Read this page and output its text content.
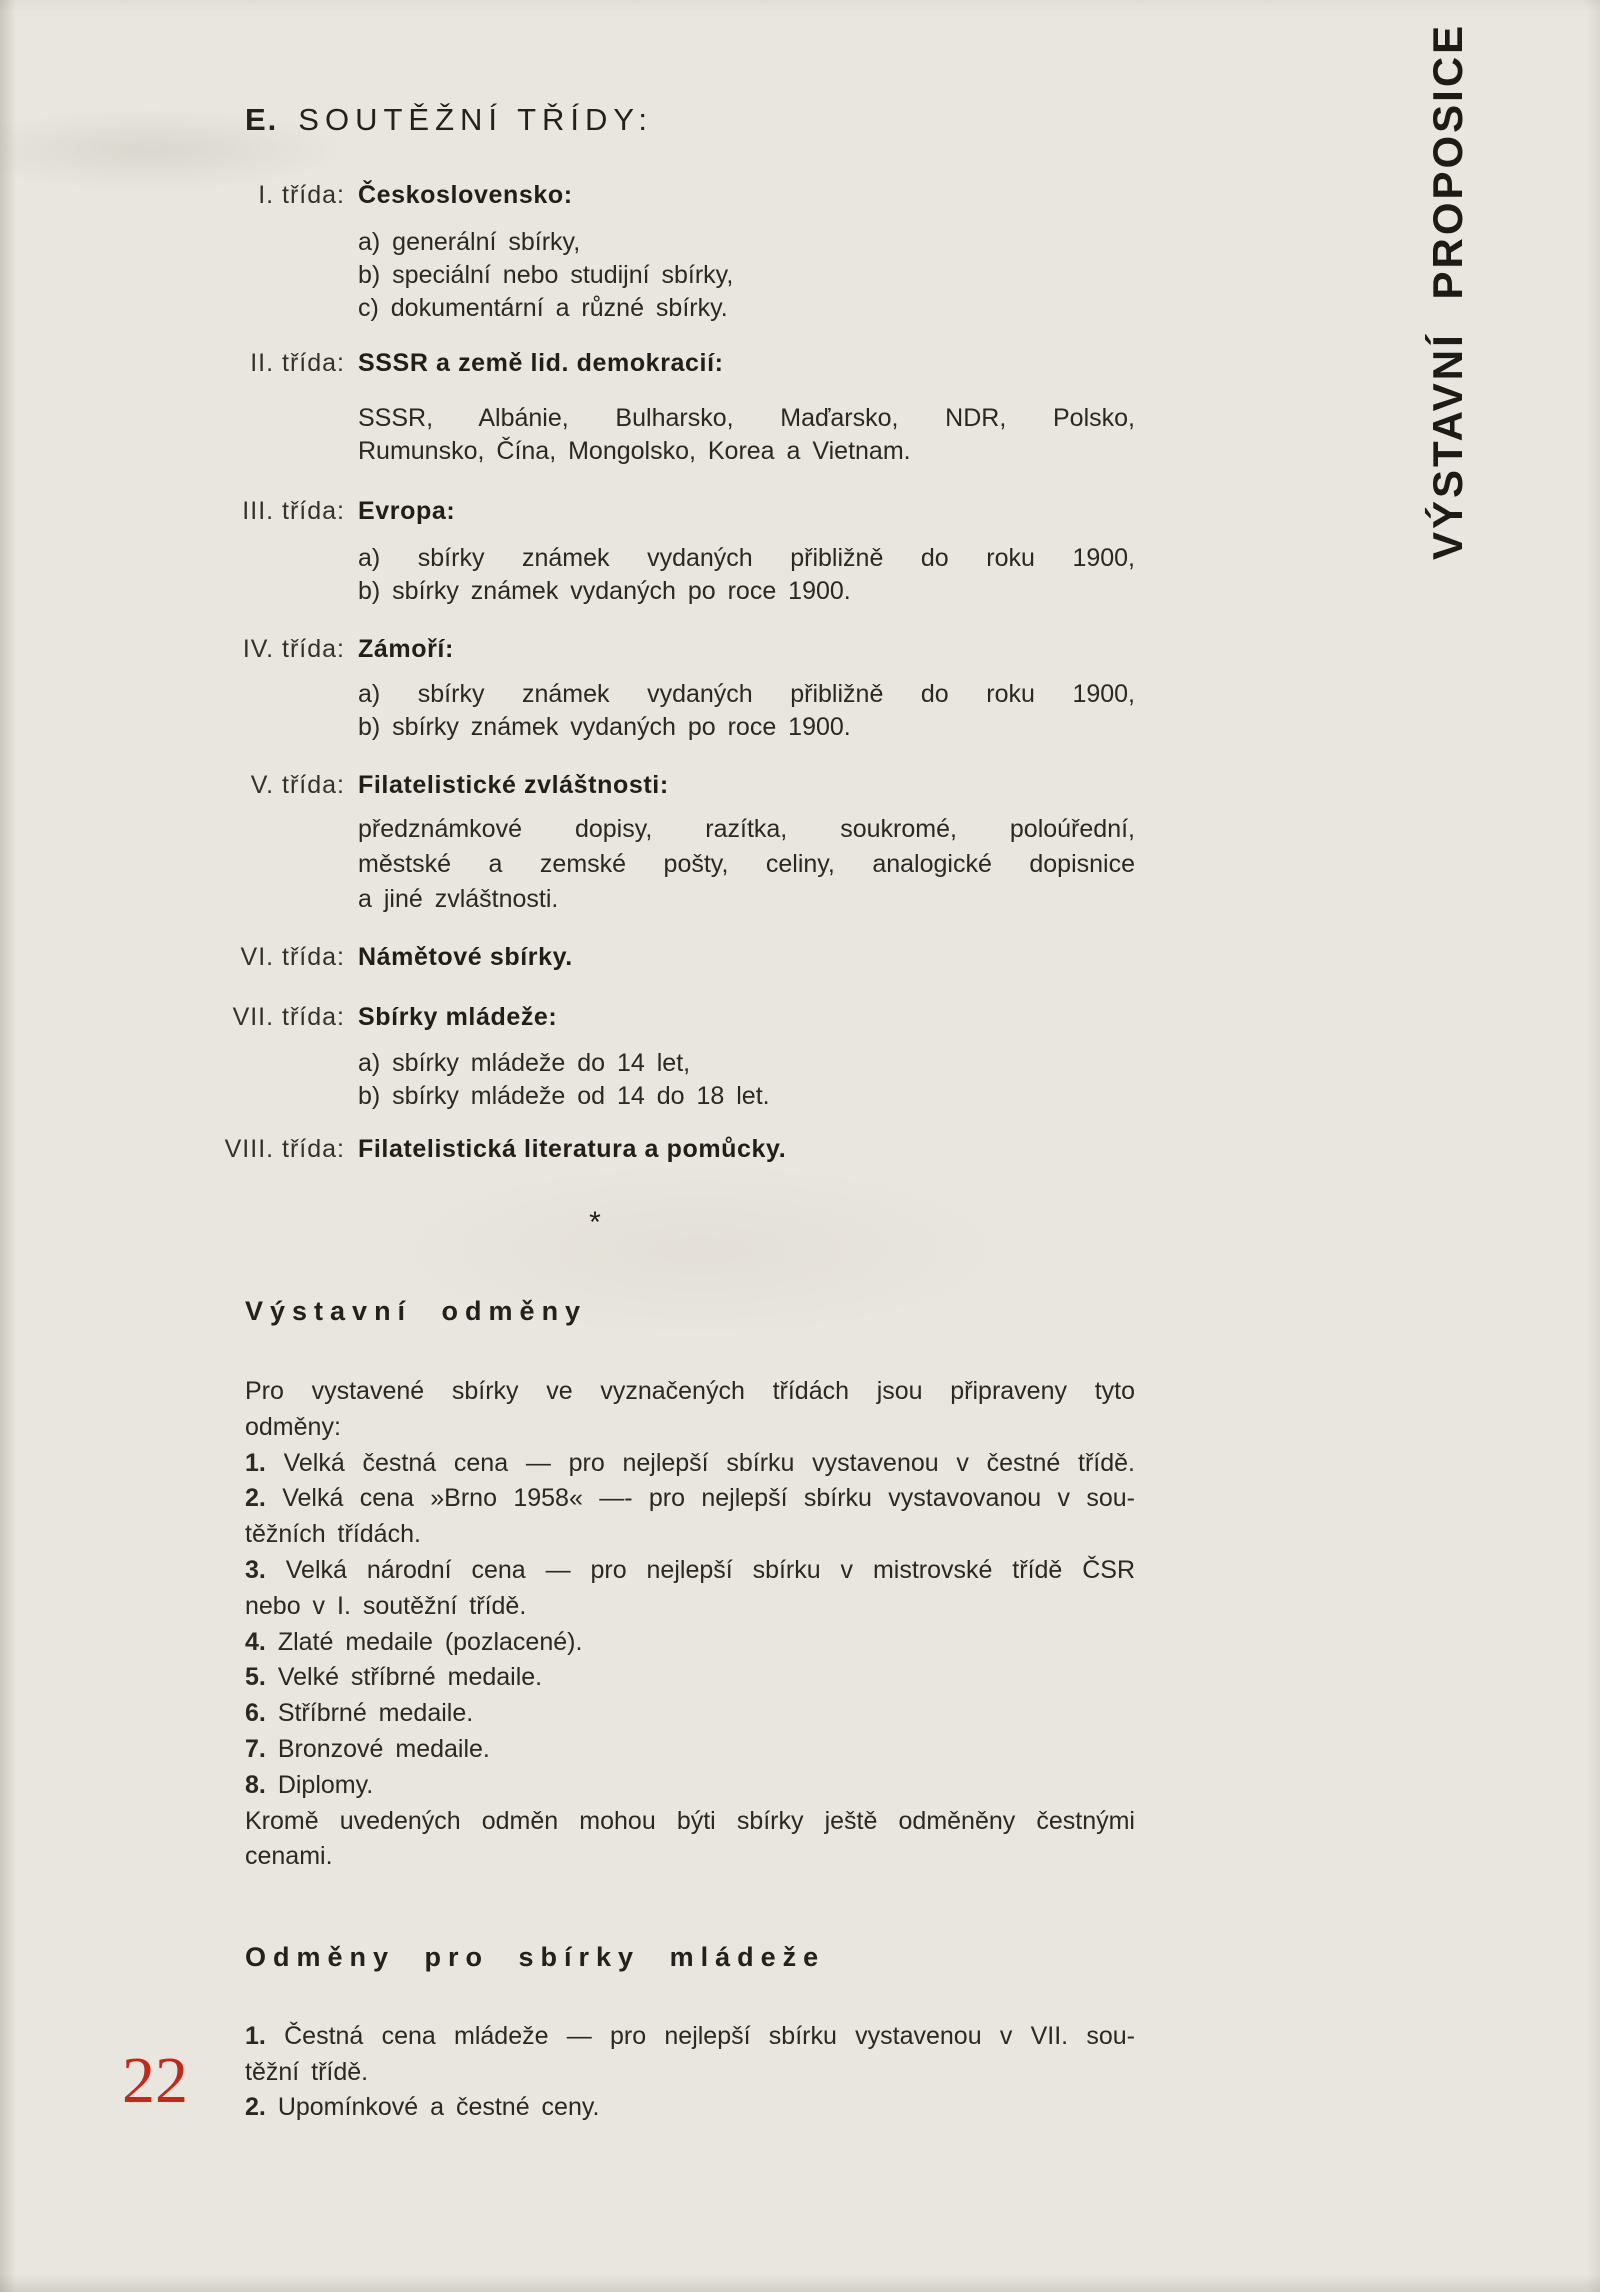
E. SOUTĚŽNÍ TŘÍDY:
I. třída: Československo:
a) generální sbírky,
b) speciální nebo studijní sbírky,
c) dokumentární a různé sbírky.
II. třída: SSSR a země lid. demokracií:
SSSR, Albánie, Bulharsko, Maďarsko, NDR, Polsko,
Rumunsko, Čína, Mongolsko, Korea a Vietnam.
III. třída: Evropa:
a) sbírky známek vydaných přibližně do roku 1900,
b) sbírky známek vydaných po roce 1900.
IV. třída: Zámoří:
a) sbírky známek vydaných přibližně do roku 1900,
b) sbírky známek vydaných po roce 1900.
V. třída: Filatelistické zvláštnosti:
předznámkové dopisy, razítka, soukromé, poloúřední,
městské a zemské pošty, celiny, analogické dopisnice
a jiné zvláštnosti.
VI. třída: Námětové sbírky.
VII. třída: Sbírky mládeže:
a) sbírky mládeže do 14 let,
b) sbírky mládeže od 14 do 18 let.
VIII. třída: Filatelistická literatura a pomůcky.
*
Výstavní odměny
Pro vystavené sbírky ve vyznačených třídách jsou připraveny tyto
odměny:
1. Velká čestná cena — pro nejlepší sbírku vystavenou v čestné třídě.
2. Velká cena »Brno 1958« —- pro nejlepší sbírku vystavovanou v sou-
těžních třídách.
3. Velká národní cena — pro nejlepší sbírku v mistrovské třídě ČSR
nebo v I. soutěžní třídě.
4. Zlaté medaile (pozlacené).
5. Velké stříbrné medaile.
6. Stříbrné medaile.
7. Bronzové medaile.
8. Diplomy.
Kromě uvedených odměn mohou býti sbírky ještě odměněny čestnými
cenami.
Odměny pro sbírky mládeže
1. Čestná cena mládeže — pro nejlepší sbírku vystavenou v VII. sou-
těžní třídě.
2. Upomínkové a čestné ceny.
VÝSTAVNÍ PROPOSICE
22
